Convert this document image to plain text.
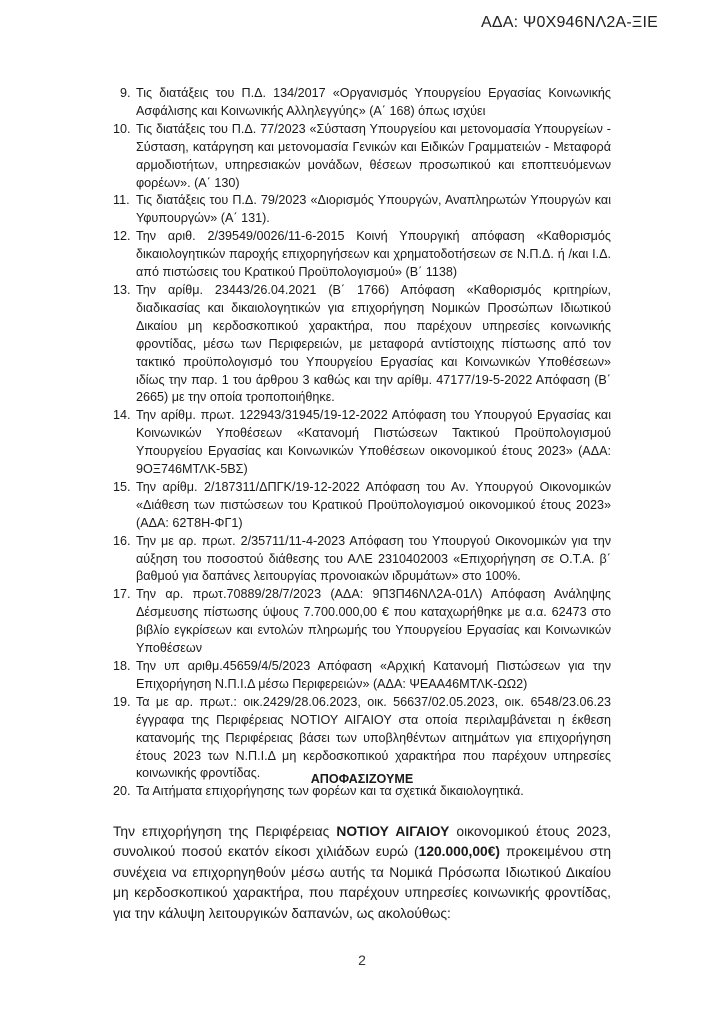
ΑΔΑ: Ψ0Χ946ΝΛ2Α-ΞΙΕ
9. Τις διατάξεις του Π.Δ. 134/2017 «Οργανισμός Υπουργείου Εργασίας Κοινωνικής Ασφάλισης και Κοινωνικής Αλληλεγγύης» (Α΄ 168) όπως ισχύει
10. Τις διατάξεις του Π.Δ. 77/2023 «Σύσταση Υπουργείου και μετονομασία Υπουργείων - Σύσταση, κατάργηση και μετονομασία Γενικών και Ειδικών Γραμματειών - Μεταφορά αρμοδιοτήτων, υπηρεσιακών μονάδων, θέσεων προσωπικού και εποπτευόμενων φορέων». (Α΄ 130)
11. Τις διατάξεις του Π.Δ. 79/2023 «Διορισμός Υπουργών, Αναπληρωτών Υπουργών και Υφυπουργών» (Α΄ 131).
12. Την αριθ. 2/39549/0026/11-6-2015 Κοινή Υπουργική απόφαση «Καθορισμός δικαιολογητικών παροχής επιχορηγήσεων και χρηματοδοτήσεων σε Ν.Π.Δ. ή /και Ι.Δ. από πιστώσεις του Κρατικού Προϋπολογισμού» (Β΄ 1138)
13. Την αρίθμ. 23443/26.04.2021 (Β΄ 1766) Απόφαση «Καθορισμός κριτηρίων, διαδικασίας και δικαιολογητικών για επιχορήγηση Νομικών Προσώπων Ιδιωτικού Δικαίου μη κερδοσκοπικού χαρακτήρα, που παρέχουν υπηρεσίες κοινωνικής φροντίδας, μέσω των Περιφερειών, με μεταφορά αντίστοιχης πίστωσης από τον τακτικό προϋπολογισμό του Υπουργείου Εργασίας και Κοινωνικών Υποθέσεων» ιδίως την παρ. 1 του άρθρου 3 καθώς και την αρίθμ. 47177/19-5-2022 Απόφαση (Β΄ 2665) με την οποία τροποποιήθηκε.
14. Την αρίθμ. πρωτ. 122943/31945/19-12-2022 Απόφαση του Υπουργού Εργασίας και Κοινωνικών Υποθέσεων «Κατανομή Πιστώσεων Τακτικού Προϋπολογισμού Υπουργείου Εργασίας και Κοινωνικών Υποθέσεων οικονομικού έτους 2023» (ΑΔΑ: 9ΟΞ746ΜΤΛΚ-5ΒΣ)
15. Την αρίθμ. 2/187311/ΔΠΓΚ/19-12-2022 Απόφαση του Αν. Υπουργού Οικονομικών «Διάθεση των πιστώσεων του Κρατικού Προϋπολογισμού οικονομικού έτους 2023» (ΑΔΑ: 62Τ8Η-ΦΓ1)
16. Την με αρ. πρωτ. 2/35711/11-4-2023 Απόφαση του Υπουργού Οικονομικών για την αύξηση του ποσοστού διάθεσης του ΑΛΕ 2310402003 «Επιχορήγηση σε Ο.Τ.Α. β΄ βαθμού για δαπάνες λειτουργίας προνοιακών ιδρυμάτων» στο 100%.
17. Την αρ. πρωτ.70889/28/7/2023 (ΑΔΑ: 9Π3Π46ΝΛ2Α-01Λ) Απόφαση Ανάληψης Δέσμευσης πίστωσης ύψους 7.700.000,00 € που καταχωρήθηκε με α.α. 62473 στο βιβλίο εγκρίσεων και εντολών πληρωμής του Υπουργείου Εργασίας και Κοινωνικών Υποθέσεων
18. Την υπ αριθμ.45659/4/5/2023 Απόφαση «Αρχική Κατανομή Πιστώσεων για την Επιχορήγηση Ν.Π.Ι.Δ μέσω Περιφερειών» (ΑΔΑ: ΨΕΑΑ46ΜΤΛΚ-ΩΩ2)
19. Τα με αρ. πρωτ.: οικ.2429/28.06.2023, οικ. 56637/02.05.2023, οικ. 6548/23.06.23 έγγραφα της Περιφέρειας ΝΟΤΙΟΥ ΑΙΓΑΙΟΥ στα οποία περιλαμβάνεται η έκθεση κατανομής της Περιφέρειας βάσει των υποβληθέντων αιτημάτων για επιχορήγηση έτους 2023 των Ν.Π.Ι.Δ μη κερδοσκοπικού χαρακτήρα που παρέχουν υπηρεσίες κοινωνικής φροντίδας.
20. Τα Αιτήματα επιχορήγησης των φορέων και τα σχετικά δικαιολογητικά.
ΑΠΟΦΑΣΙΖΟΥΜΕ

Την επιχορήγηση της Περιφέρειας ΝΟΤΙΟΥ ΑΙΓΑΙΟΥ οικονομικού έτους 2023, συνολικού ποσού εκατόν είκοσι χιλιάδων ευρώ (120.000,00€) προκειμένου στη συνέχεια να επιχορηγηθούν μέσω αυτής τα Νομικά Πρόσωπα Ιδιωτικού Δικαίου μη κερδοσκοπικού χαρακτήρα, που παρέχουν υπηρεσίες κοινωνικής φροντίδας, για την κάλυψη λειτουργικών δαπανών, ως ακολούθως:

2
